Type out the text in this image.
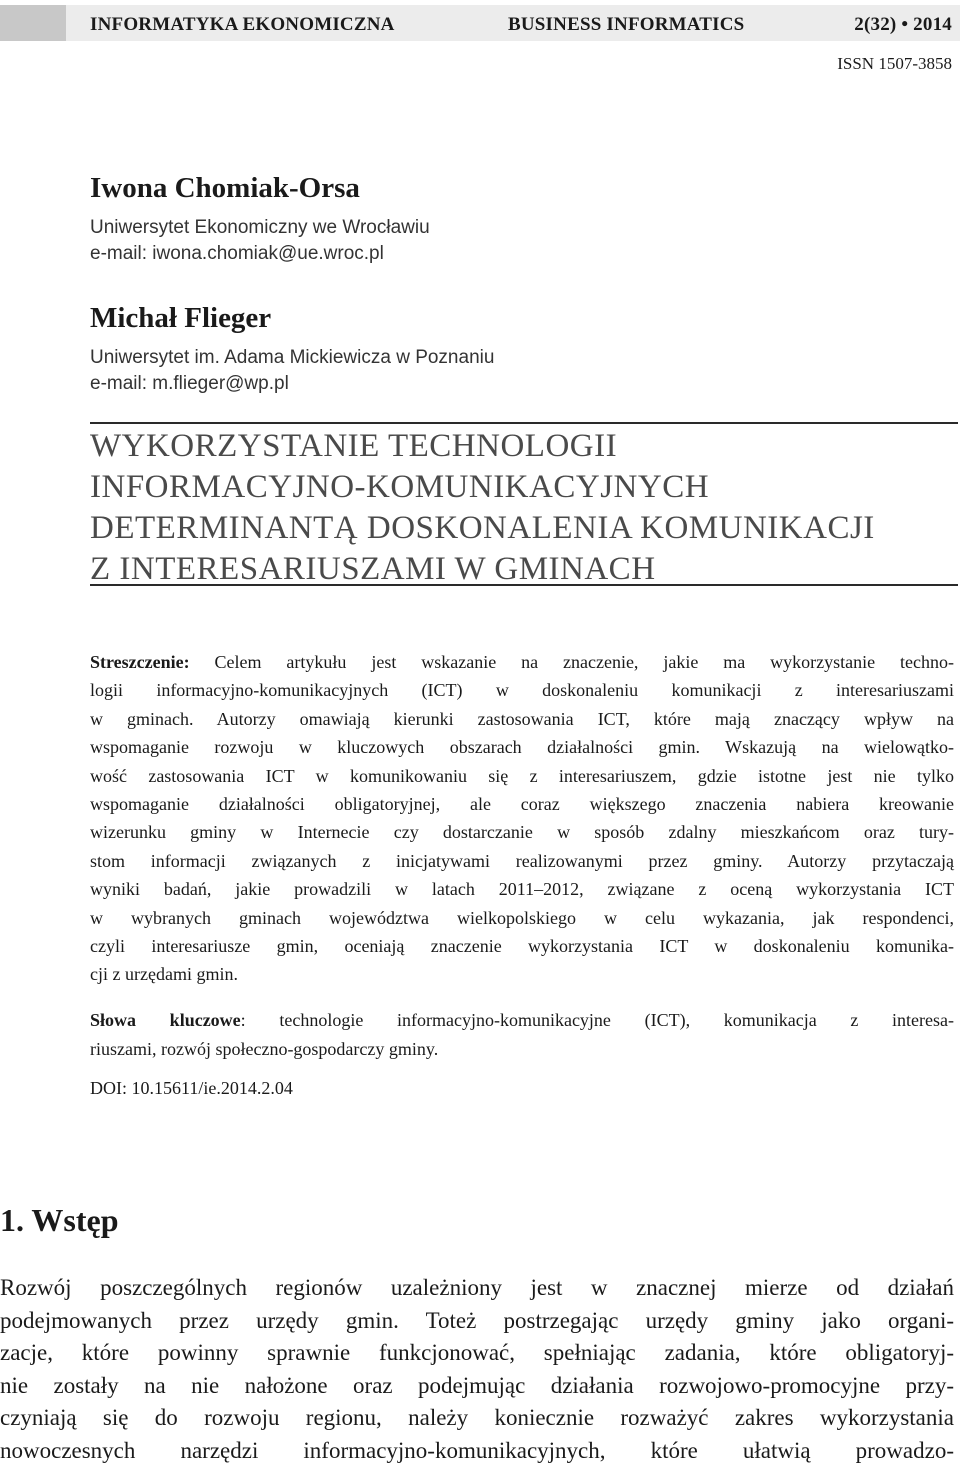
INFORMATYKA EKONOMICZNA	BUSINESS INFORMATICS	2(32) • 2014
ISSN 1507-3858
Iwona Chomiak-Orsa
Uniwersytet Ekonomiczny we Wrocławiu
e-mail: iwona.chomiak@ue.wroc.pl
Michał Flieger
Uniwersytet im. Adama Mickiewicza w Poznaniu
e-mail: m.flieger@wp.pl
WYKORZYSTANIE TECHNOLOGII
INFORMACYJNO-KOMUNIKACYJNYCH
DETERMINANTĄ DOSKONALENIA KOMUNIKACJI
Z INTERESARIUSZAMI W GMINACH
Streszczenie: Celem artykułu jest wskazanie na znaczenie, jakie ma wykorzystanie techno-
logii informacyjno-komunikacyjnych (ICT) w doskonaleniu komunikacji z interesariuszami
w gminach. Autorzy omawiają kierunki zastosowania ICT, które mają znaczący wpływ na
wspomaganie rozwoju w kluczowych obszarach działalności gmin. Wskazują na wielowątko-
wość zastosowania ICT w komunikowaniu się z interesariuszem, gdzie istotne jest nie tylko
wspomaganie działalności obligatoryjnej, ale coraz większego znaczenia nabiera kreowanie
wizerunku gminy w Internecie czy dostarczanie w sposób zdalny mieszkańcom oraz tury-
stom informacji związanych z inicjatywami realizowanymi przez gminy. Autorzy przytaczają
wyniki badań, jakie prowadzili w latach 2011–2012, związane z oceną wykorzystania ICT
w wybranych gminach województwa wielkopolskiego w celu wykazania, jak respondenci,
czyli interesariusze gmin, oceniają znaczenie wykorzystania ICT w doskonaleniu komunika-
cji z urzędami gmin.
Słowa kluczowe: technologie informacyjno-komunikacyjne (ICT), komunikacja z interesa-
riuszami, rozwój społeczno-gospodarczy gminy.
DOI: 10.15611/ie.2014.2.04
1. Wstęp
Rozwój poszczególnych regionów uzależniony jest w znacznej mierze od działań
podejmowanych przez urzędy gmin. Toteż postrzegając urzędy gminy jako organi-
zacje, które powinny sprawnie funkcjonować, spełniając zadania, które obligatoryj-
nie zostały na nie nałożone oraz podejmując działania rozwojowo-promocyjne przy-
czyniają się do rozwoju regionu, należy koniecznie rozważyć zakres wykorzystania
nowoczesnych narzędzi informacyjno-komunikacyjnych, które ułatwią prowadzo-
